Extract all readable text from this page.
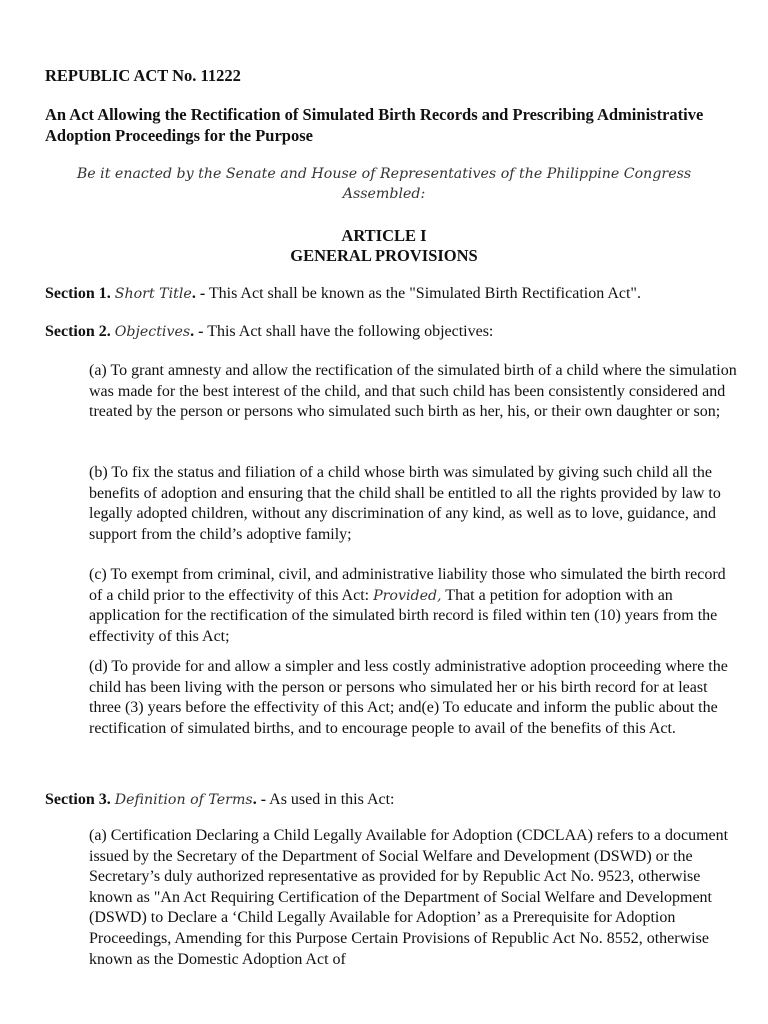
REPUBLIC ACT No. 11222

An Act Allowing the Rectification of Simulated Birth Records and Prescribing Administrative Adoption Proceedings for the Purpose

Be it enacted by the Senate and House of Representatives of the Philippine Congress Assembled:

ARTICLE I
GENERAL PROVISIONS

Section 1. Short Title. - This Act shall be known as the "Simulated Birth Rectification Act".

Section 2. Objectives. - This Act shall have the following objectives:

(a) To grant amnesty and allow the rectification of the simulated birth of a child where the simulation was made for the best interest of the child, and that such child has been consistently considered and treated by the person or persons who simulated such birth as her, his, or their own daughter or son;

(b) To fix the status and filiation of a child whose birth was simulated by giving such child all the benefits of adoption and ensuring that the child shall be entitled to all the rights provided by law to legally adopted children, without any discrimination of any kind, as well as to love, guidance, and support from the child’s adoptive family;

(c) To exempt from criminal, civil, and administrative liability those who simulated the birth record of a child prior to the effectivity of this Act: Provided, That a petition for adoption with an application for the rectification of the simulated birth record is filed within ten (10) years from the effectivity of this Act;

(d) To provide for and allow a simpler and less costly administrative adoption proceeding where the child has been living with the person or persons who simulated her or his birth record for at least three (3) years before the effectivity of this Act; and(e) To educate and inform the public about the rectification of simulated births, and to encourage people to avail of the benefits of this Act.

Section 3. Definition of Terms. - As used in this Act:

(a) Certification Declaring a Child Legally Available for Adoption (CDCLAA) refers to a document issued by the Secretary of the Department of Social Welfare and Development (DSWD) or the Secretary’s duly authorized representative as provided for by Republic Act No. 9523, otherwise known as "An Act Requiring Certification of the Department of Social Welfare and Development (DSWD) to Declare a ‘Child Legally Available for Adoption’ as a Prerequisite for Adoption Proceedings, Amending for this Purpose Certain Provisions of Republic Act No. 8552, otherwise known as the Domestic Adoption Act of
